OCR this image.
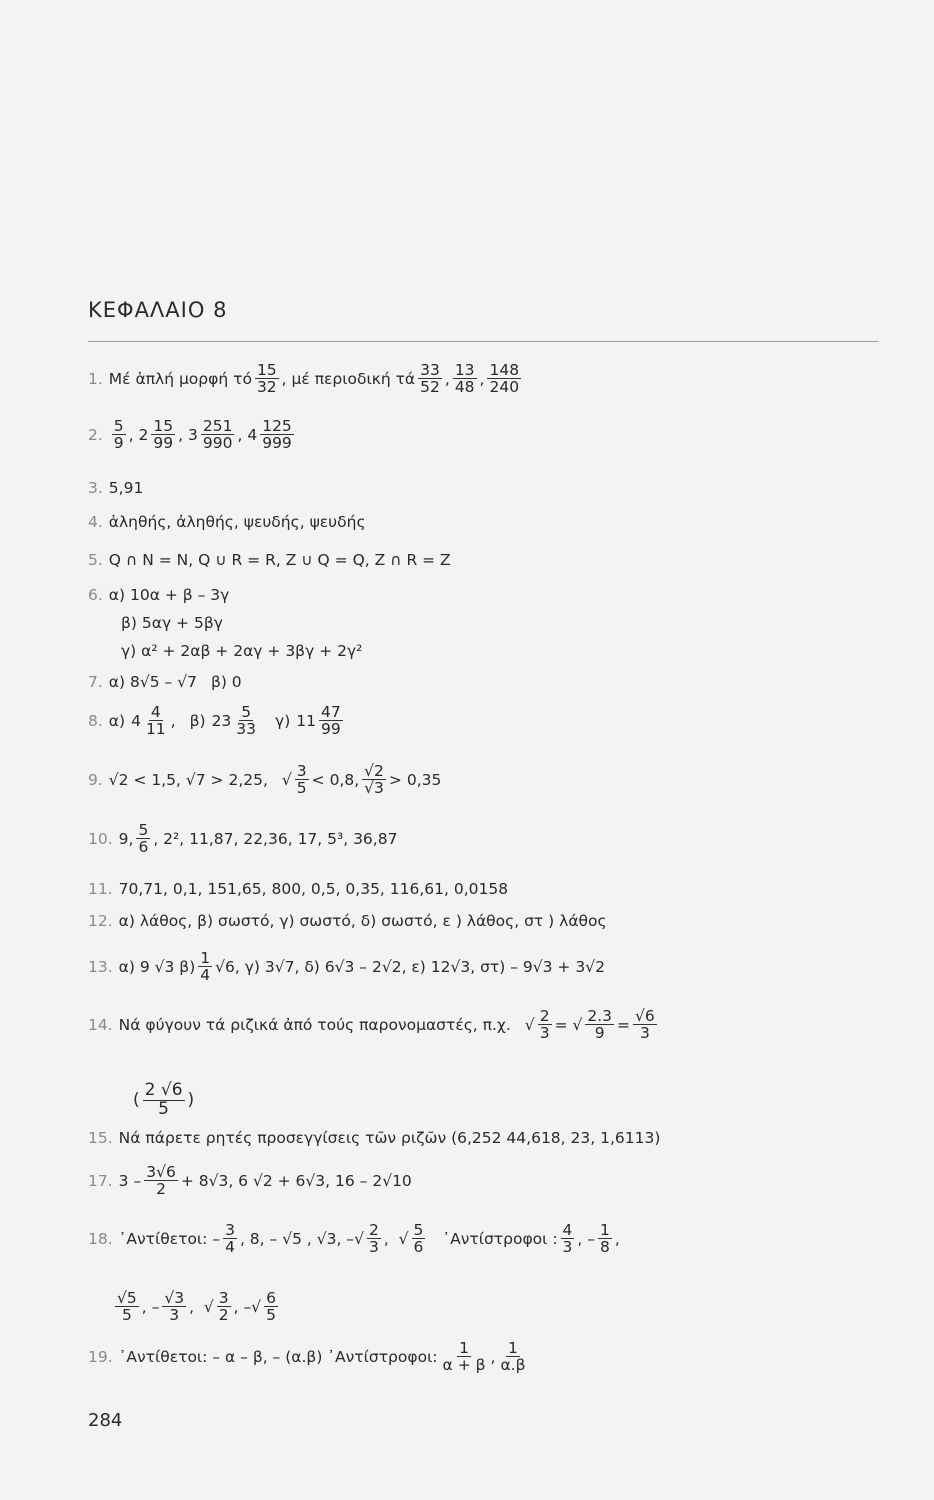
ΚΕΦΑΛΑΙΟ 8
1. Μέ ἁπλή μορφή τό $\frac{15}{32}$ , μέ περιοδική τά $\frac{33}{52}$ , $\frac{13}{48}$ , $\frac{148}{240}$
2. $\frac{5}{9}$ , $2 \frac{15}{99}$ , $3 \frac{251}{990}$ , $4 \frac{125}{999}$
3. 5,91
4. ἀληθής, ἀληθής, ψευδής, ψευδής
5. Q ∩ N = N, Q ∪ R = R, Z ∪ Q = Q, Z ∩ R = Z
6. α) 10α + β – 3γ
β) 5αγ + 5βγ
γ) α² + 2αβ + 2αγ + 3βγ + 2γ²
7. α) 8√5 – √7 β) 0
8. α) $4 \frac{4}{11}$ , β) $23 \frac{5}{33} \gamma$) $11 \frac{47}{99}$
9. √2 < 1,5, √7 > 2,25, √ $\frac{3}{5} < 0,8$, $\frac{√2}{√3} > 0,35$
10. 9, $\frac{5}{6}$ , 2², 11,87, 22,36, 17, 5³, 36,87
11. 70,71, 0,1, 151,65, 800, 0,5, 0,35, 116,61, 0,0158
12. α) λάθος, β) σωστό, γ) σωστό, δ) σωστό, ε ) λάθος, στ ) λάθος
13. α) 9 √3 $\beta) \frac{1}{4} √6$, γ) 3√7, δ) 6√3 – 2√2, ε) 12√3, στ) – 9√3 + 3√2
14. Νά φύγουν τά ριζικά ἀπό τούς παρονομαστές, π.χ. √ $\frac{2}{3}$ = √ $\frac{2.3}{9} = \frac{√6}{3}$
( $\frac{2 √6}{5}$ )
15. Νά πάρετε ρητές προσεγγίσεις τῶν ριζῶν (6,252 44,618, 23, 1,6113)
17. $3 - \frac{3√6}{2} + 8√3$, 6 √2 + 6√3, 16 – 2√10
18. ᾿Αντίθετοι: – $\frac{3}{4}$ , 8, – √5 , √3, – √ $\frac{2}{3}$ ,  √ $\frac{5}{6}$ ᾿Αντίστροφοι : $\frac{4}{3}$ , – $\frac{1}{8}$ ,
$\frac{√5}{5}$ , – $\frac{√3}{3}$ ,  √ $\frac{3}{2}$ , –√ $\frac{6}{5}$
19. ᾿Αντίθετοι: – α – β, – (α.β) ᾿Αντίστροφοι: $\frac{1}{\alpha + \beta}$ , $\frac{1}{\alpha.\beta}$
284
